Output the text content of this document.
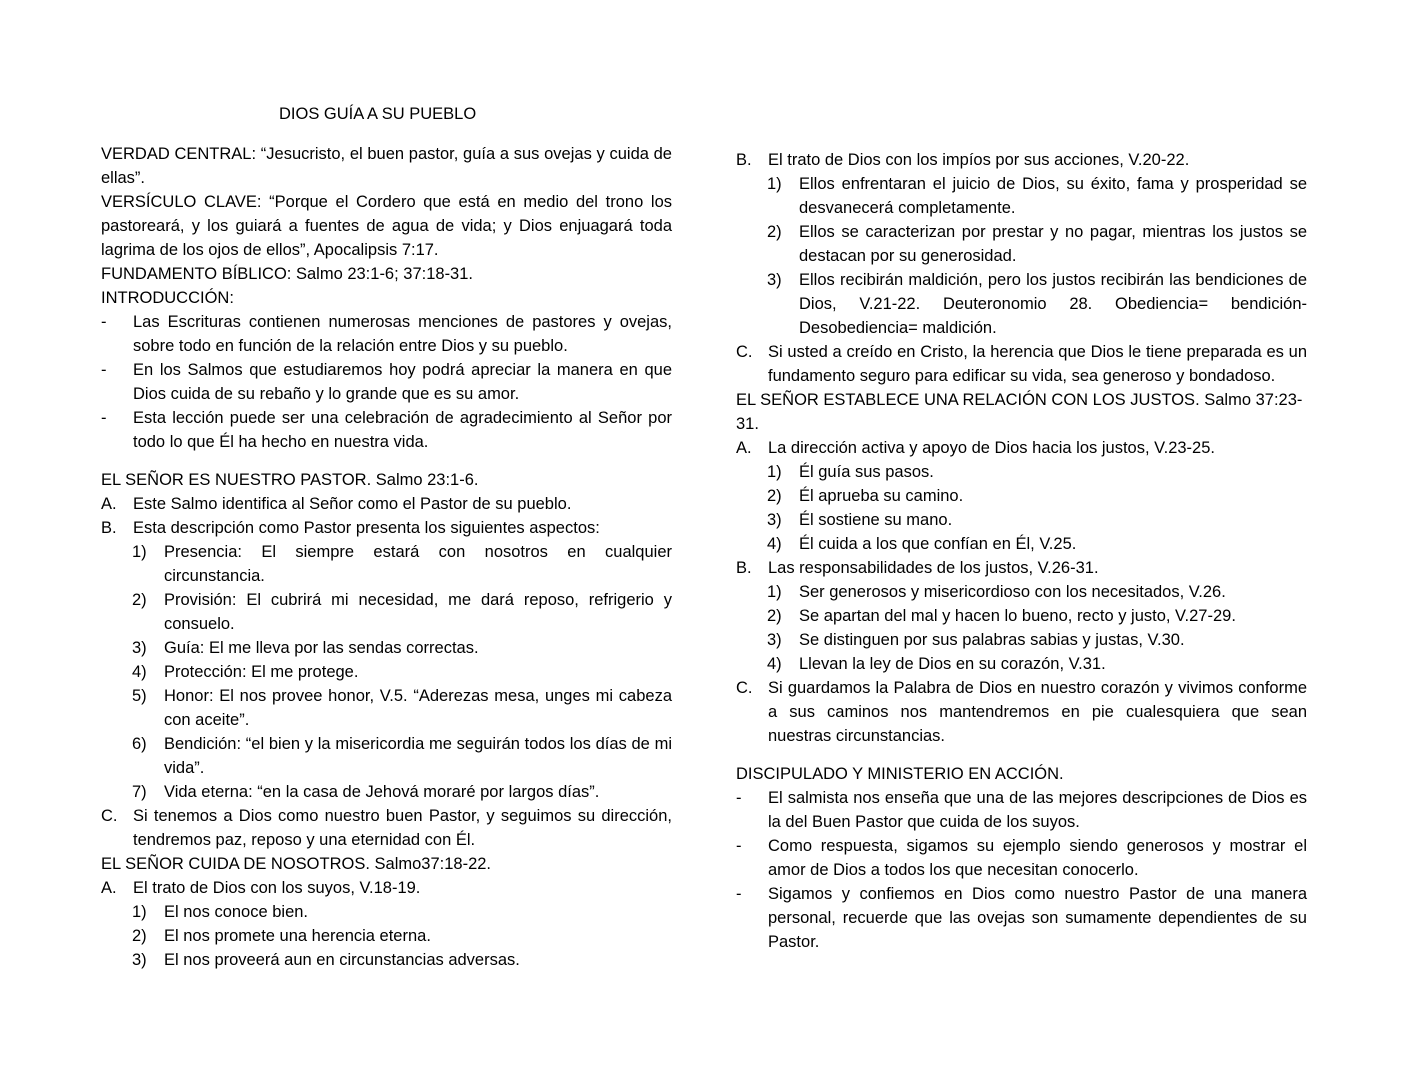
DIOS GUÍA A SU PUEBLO

VERDAD CENTRAL: “Jesucristo, el buen pastor, guía a sus ovejas y cuida de ellas”.

VERSÍCULO CLAVE: “Porque el Cordero que está en medio del trono los pastoreará, y los guiará a fuentes de agua de vida; y Dios enjuagará toda lagrima de los ojos de ellos”, Apocalipsis 7:17.

FUNDAMENTO BÍBLICO: Salmo 23:1-6; 37:18-31.

INTRODUCCIÓN:

- Las Escrituras contienen numerosas menciones de pastores y ovejas, sobre todo en función de la relación entre Dios y su pueblo.
- En los Salmos que estudiaremos hoy podrá apreciar la manera en que Dios cuida de su rebaño y lo grande que es su amor.
- Esta lección puede ser una celebración de agradecimiento al Señor por todo lo que Él ha hecho en nuestra vida.

EL SEÑOR ES NUESTRO PASTOR. Salmo 23:1-6.

A. Este Salmo identifica al Señor como el Pastor de su pueblo.
B. Esta descripción como Pastor presenta los siguientes aspectos:
1) Presencia: El siempre estará con nosotros en cualquier circunstancia.
2) Provisión: El cubrirá mi necesidad, me dará reposo, refrigerio y consuelo.
3) Guía: El me lleva por las sendas correctas.
4) Protección: El me protege.
5) Honor: El nos provee honor, V.5. “Aderezas mesa, unges mi cabeza con aceite”.
6) Bendición: “el bien y la misericordia me seguirán todos los días de mi vida”.
7) Vida eterna: “en la casa de Jehová moraré por largos días”.
C. Si tenemos a Dios como nuestro buen Pastor, y seguimos su dirección, tendremos paz, reposo y una eternidad con Él.

EL SEÑOR CUIDA DE NOSOTROS. Salmo37:18-22.

A. El trato de Dios con los suyos, V.18-19.
1) El nos conoce bien.
2) El nos promete una herencia eterna.
3) El nos proveerá aun en circunstancias adversas.
B. El trato de Dios con los impíos por sus acciones, V.20-22.
1) Ellos enfrentaran el juicio de Dios, su éxito, fama y prosperidad se desvanecerá completamente.
2) Ellos se caracterizan por prestar y no pagar, mientras los justos se destacan por su generosidad.
3) Ellos recibirán maldición, pero los justos recibirán las bendiciones de Dios, V.21-22. Deuteronomio 28. Obediencia= bendición- Desobediencia= maldición.
C. Si usted a creído en Cristo, la herencia que Dios le tiene preparada es un fundamento seguro para edificar su vida, sea generoso y bondadoso.

EL SEÑOR ESTABLECE UNA RELACIÓN CON LOS JUSTOS. Salmo 37:23-31.

A. La dirección activa y apoyo de Dios hacia los justos, V.23-25.
1) Él guía sus pasos.
2) Él aprueba su camino.
3) Él sostiene su mano.
4) Él cuida a los que confían en Él, V.25.
B. Las responsabilidades de los justos, V.26-31.
1) Ser generosos y misericordioso con los necesitados, V.26.
2) Se apartan del mal y hacen lo bueno, recto y justo, V.27-29.
3) Se distinguen por sus palabras sabias y justas, V.30.
4) Llevan la ley de Dios en su corazón, V.31.
C. Si guardamos la Palabra de Dios en nuestro corazón y vivimos conforme a sus caminos nos mantendremos en pie cualesquiera que sean nuestras circunstancias.

DISCIPULADO Y MINISTERIO EN ACCIÓN.

- El salmista nos enseña que una de las mejores descripciones de Dios es la del Buen Pastor que cuida de los suyos.
- Como respuesta, sigamos su ejemplo siendo generosos y mostrar el amor de Dios a todos los que necesitan conocerlo.
- Sigamos y confiemos en Dios como nuestro Pastor de una manera personal, recuerde que las ovejas son sumamente dependientes de su Pastor.
